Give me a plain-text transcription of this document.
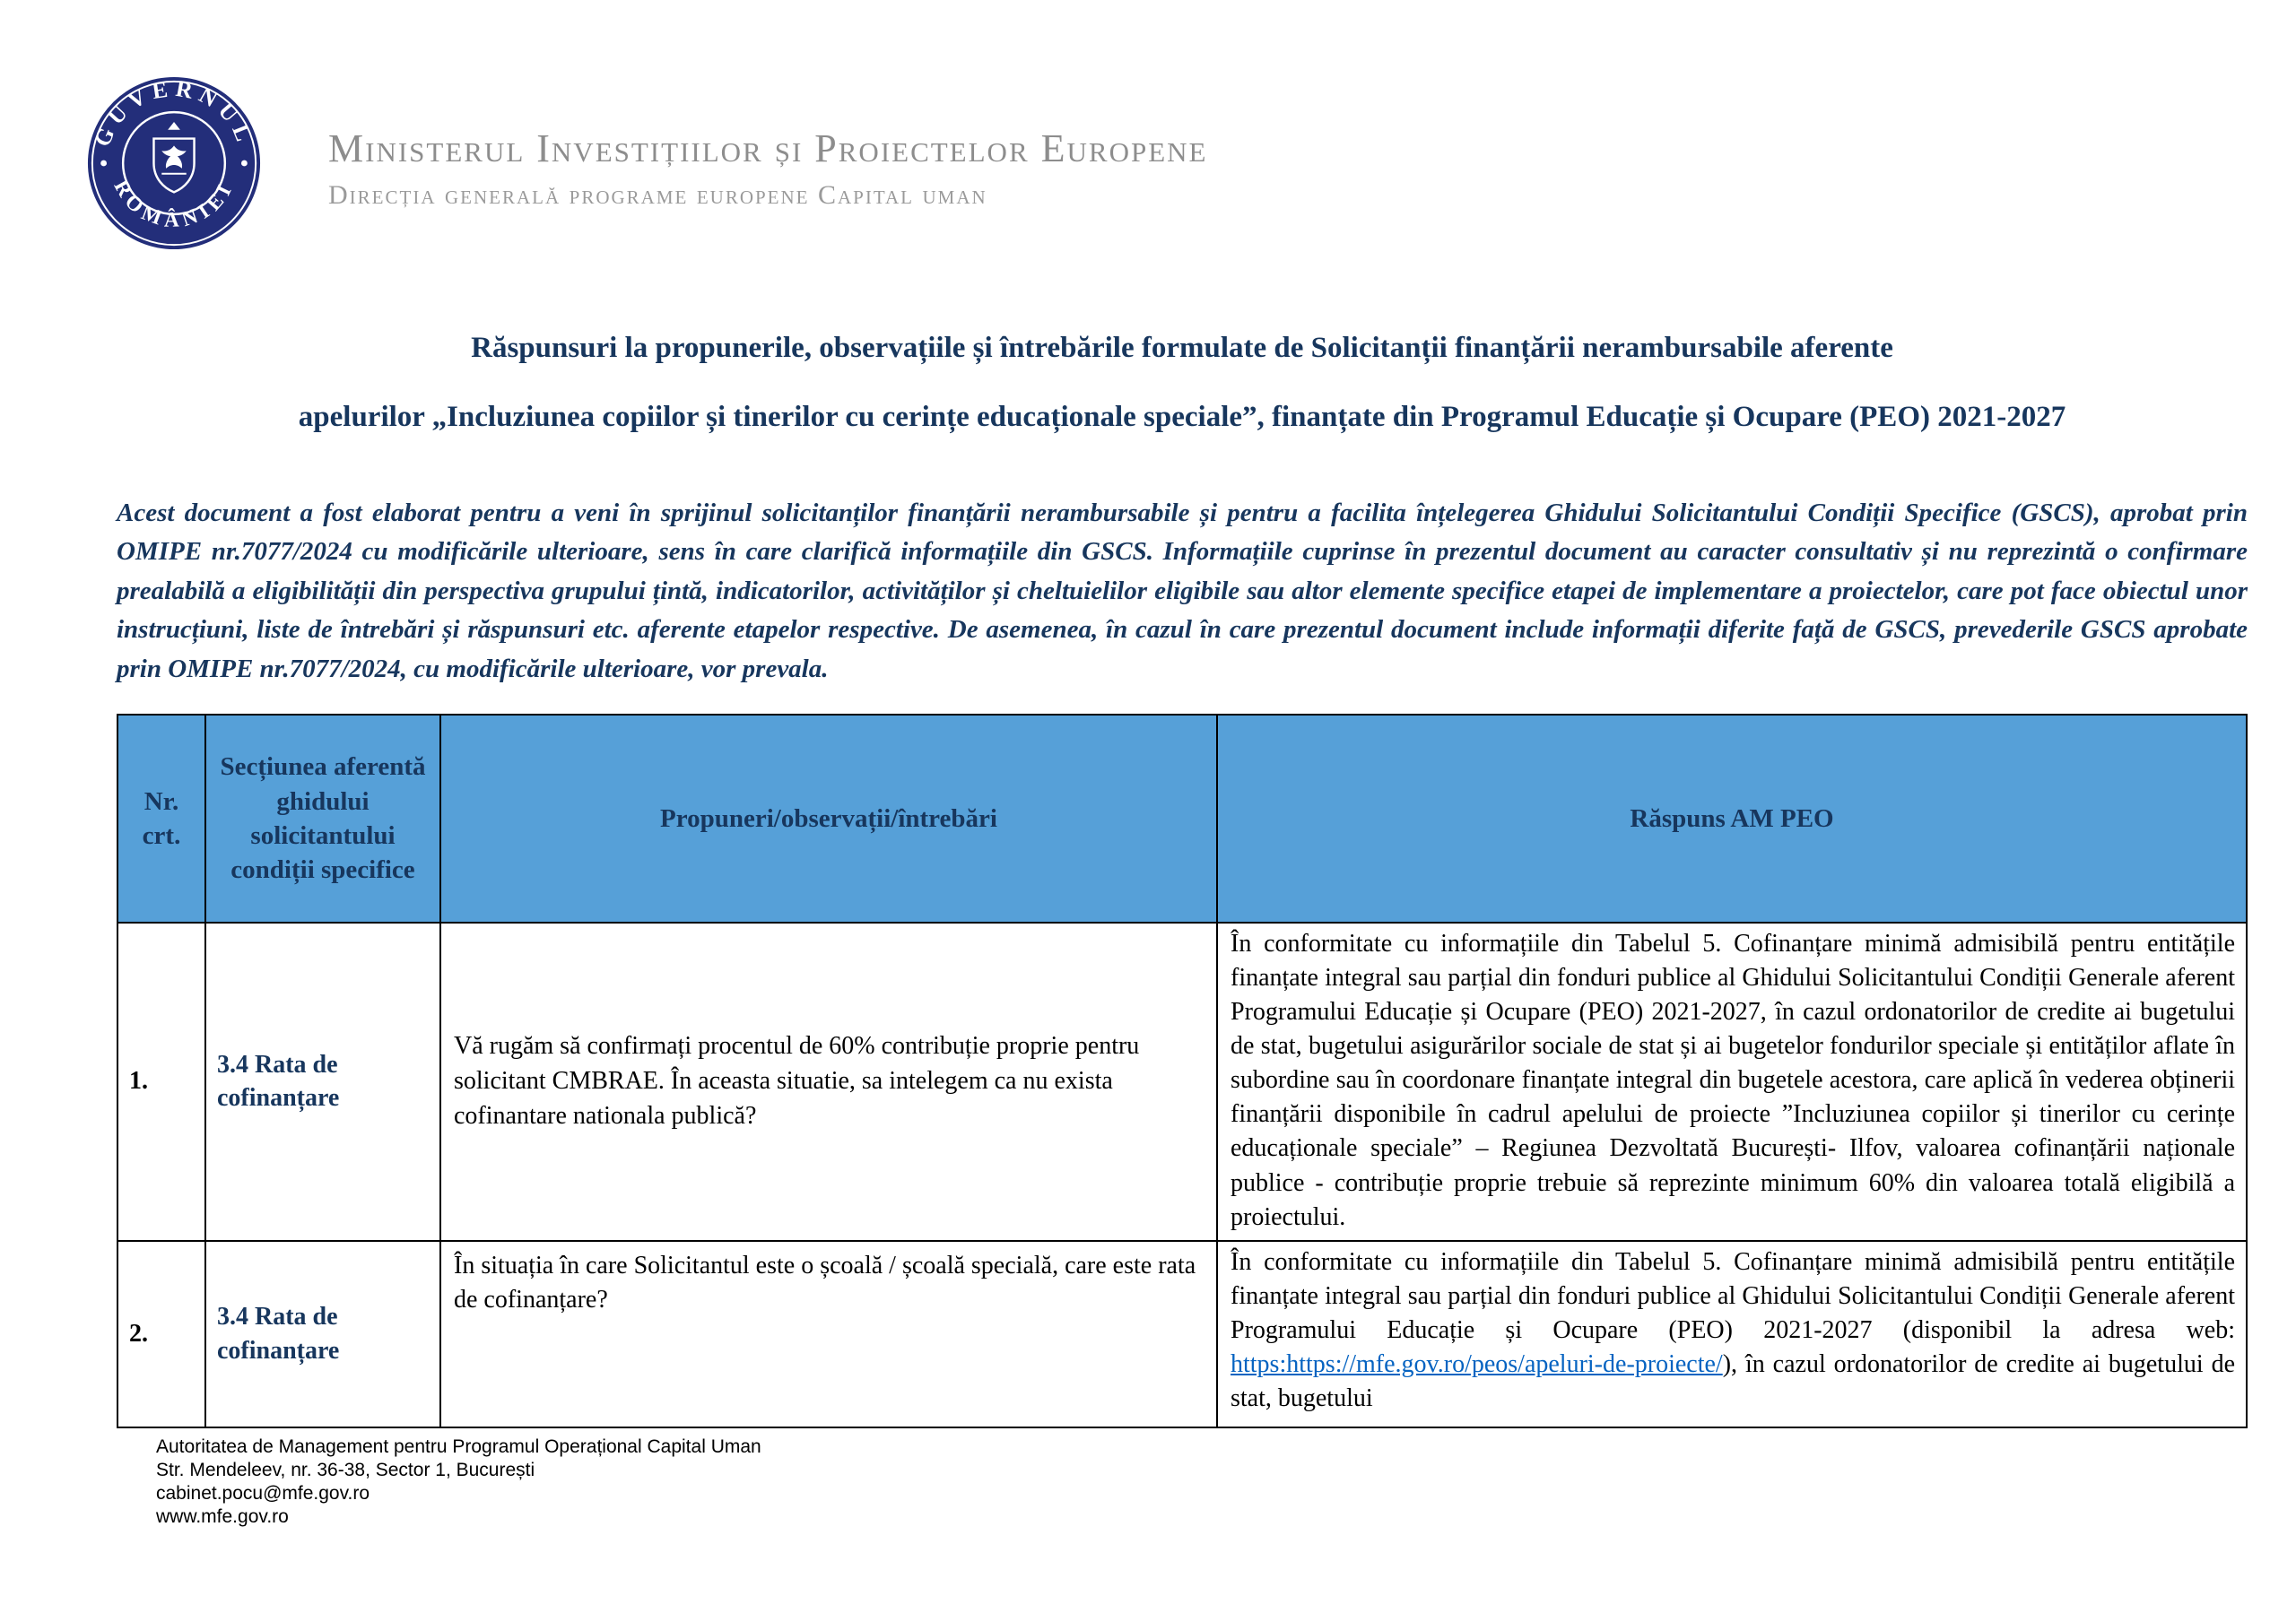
GUVERNUL
ROMÂNIEI
Ministerul Investițiilor și Proiectelor Europene
Direcția generală programe europene Capital uman
Răspunsuri la propunerile, observațiile și întrebările formulate de Solicitanții finanțării nerambursabile aferente
apelurilor „Incluziunea copiilor și tinerilor cu cerințe educaționale speciale”, finanțate din Programul Educație și Ocupare (PEO) 2021-2027

Acest document a fost elaborat pentru a veni în sprijinul solicitanților finanțării nerambursabile și pentru a facilita înțelegerea Ghidului Solicitantului Condiții Specifice (GSCS), aprobat prin OMIPE nr.7077/2024 cu modificările ulterioare, sens în care clarifică informațiile din GSCS. Informațiile cuprinse în prezentul document au caracter consultativ și nu reprezintă o confirmare prealabilă a eligibilității din perspectiva grupului țintă, indicatorilor, activităților și cheltuielilor eligibile sau altor elemente specifice etapei de implementare a proiectelor, care pot face obiectul unor instrucțiuni, liste de întrebări și răspunsuri etc. aferente etapelor respective. De asemenea, în cazul în care prezentul document include informații diferite față de GSCS, prevederile GSCS aprobate prin OMIPE nr.7077/2024, cu modificările ulterioare, vor prevala.

Nr. crt.	Secțiunea aferentă ghidului solicitantului condiții specifice	Propuneri/observații/întrebări	Răspuns AM PEO
1.	3.4 Rata de cofinanțare	Vă rugăm să confirmați procentul de 60% contribuție proprie pentru solicitant CMBRAE. În aceasta situatie, sa intelegem ca nu exista cofinantare nationala publică?	În conformitate cu informațiile din Tabelul 5. Cofinanțare minimă admisibilă pentru entitățile finanțate integral sau parțial din fonduri publice al Ghidului Solicitantului Condiții Generale aferent Programului Educație și Ocupare (PEO) 2021-2027, în cazul ordonatorilor de credite ai bugetului de stat, bugetului asigurărilor sociale de stat și ai bugetelor fondurilor speciale și entităților aflate în subordine sau în coordonare finanțate integral din bugetele acestora, care aplică în vederea obținerii finanțării disponibile în cadrul apelului de proiecte ”Incluziunea copiilor și tinerilor cu cerințe educaționale speciale” – Regiunea Dezvoltată București- Ilfov, valoarea cofinanțării naționale publice - contribuție proprie trebuie să reprezinte minimum 60% din valoarea totală eligibilă a proiectului.
2.	3.4 Rata de cofinanțare	În situația în care Solicitantul este o școală / școală specială, care este rata de cofinanțare?	În conformitate cu informațiile din Tabelul 5. Cofinanțare minimă admisibilă pentru entitățile finanțate integral sau parțial din fonduri publice al Ghidului Solicitantului Condiții Generale aferent Programului Educație și Ocupare (PEO) 2021-2027 (disponibil la adresa web: https:https://mfe.gov.ro/peos/apeluri-de-proiecte/), în cazul ordonatorilor de credite ai bugetului de stat, bugetului
Autoritatea de Management pentru Programul Operațional Capital Uman
Str. Mendeleev, nr. 36-38, Sector 1, București
cabinet.pocu@mfe.gov.ro
www.mfe.gov.ro
